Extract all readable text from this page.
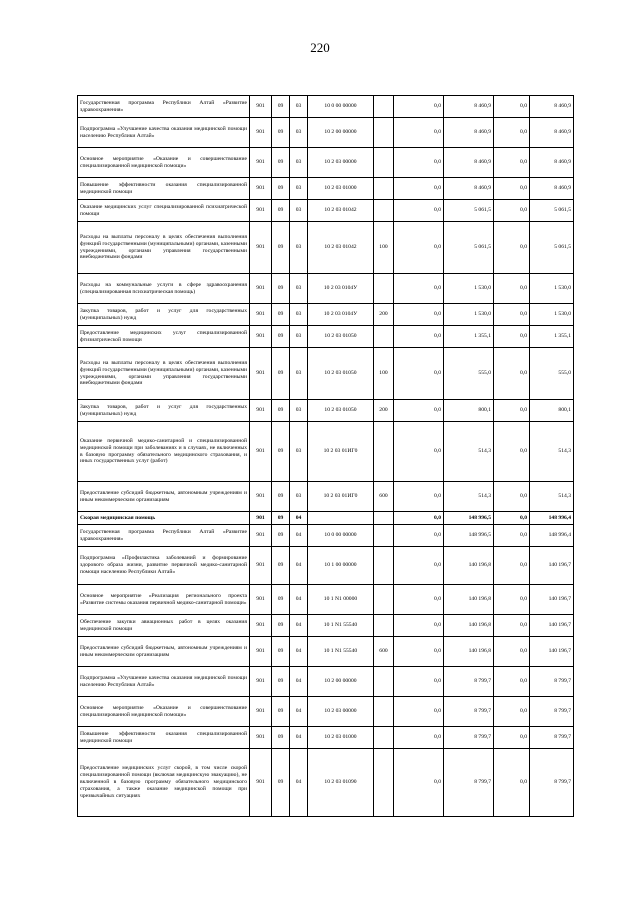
220
Государственная программа Республики Алтай «Развитие здравоохранения»	901	09	03	10 0 00 00000		0,0	8 460,9	0,0	8 460,9
Подпрограмма «Улучшение качества оказания медицинской помощи населению Республики Алтай»	901	09	03	10 2 00 00000		0,0	8 460,9	0,0	8 460,9
Основное мероприятие «Оказание и совершенствование специализированной медицинской помощи»	901	09	03	10 2 03 00000		0,0	8 460,9	0,0	8 460,9
Повышение эффективности оказания специализированной медицинской помощи	901	09	03	10 2 03 01000		0,0	8 460,9	0,0	8 460,9
Оказание медицинских услуг специализированной психиатрической помощи	901	09	03	10 2 03 01042		0,0	5 061,5	0,0	5 061,5
Расходы на выплаты персоналу в целях обеспечения выполнения функций государственными (муниципальными) органами, казенными учреждениями, органами управления государственными внебюджетными фондами	901	09	03	10 2 03 01042	100	0,0	5 061,5	0,0	5 061,5
Расходы на коммунальные услуги в сфере здравоохранения (специализированная психиатрическая помощь)	901	09	03	10 2 03 0104У		0,0	1 530,0	0,0	1 530,0
Закупка товаров, работ и услуг для государственных (муниципальных) нужд	901	09	03	10 2 03 0104У	200	0,0	1 530,0	0,0	1 530,0
Предоставление медицинских услуг специализированной фтизиатрической помощи	901	09	03	10 2 03 01050		0,0	1 355,1	0,0	1 355,1
Расходы на выплаты персоналу в целях обеспечения выполнения функций государственными (муниципальными) органами, казенными учреждениями, органами управления государственными внебюджетными фондами	901	09	03	10 2 03 01050	100	0,0	555,0	0,0	555,0
Закупка товаров, работ и услуг для государственных (муниципальных) нужд	901	09	03	10 2 03 01050	200	0,0	800,1	0,0	800,1
Оказание первичной медико-санитарной и специализированной медицинской помощи при заболеваниях и в случаях, не включенных в базовую программу обязательного медицинского страхования, и иных государственных услуг (работ)	901	09	03	10 2 03 01ИГ0		0,0	514,3	0,0	514,3
Предоставление субсидий бюджетным, автономным учреждениям и иным некоммерческим организациям	901	09	03	10 2 03 01ИГ0	600	0,0	514,3	0,0	514,3
Скорая медицинская помощь	901	09	04			0,0	148 996,5	0,0	148 996,4
Государственная программа Республики Алтай «Развитие здравоохранения»	901	09	04	10 0 00 00000		0,0	148 996,5	0,0	148 996,4
Подпрограмма «Профилактика заболеваний и формирование здорового образа жизни, развитие первичной медико-санитарной помощи населению Республики Алтай»	901	09	04	10 1 00 00000		0,0	140 196,8	0,0	140 196,7
Основное мероприятие «Реализация регионального проекта «Развитие системы оказания первичной медико-санитарной помощи»	901	09	04	10 1 N1 00000		0,0	140 196,8	0,0	140 196,7
Обеспечение закупки авиационных работ в целях оказания медицинской помощи	901	09	04	10 1 N1 55540		0,0	140 196,8	0,0	140 196,7
Предоставление субсидий бюджетным, автономным учреждениям и иным некоммерческим организациям	901	09	04	10 1 N1 55540	600	0,0	140 196,8	0,0	140 196,7
Подпрограмма «Улучшение качества оказания медицинской помощи населению Республики Алтай»	901	09	04	10 2 00 00000		0,0	8 799,7	0,0	8 799,7
Основное мероприятие «Оказание и совершенствование специализированной медицинской помощи»	901	09	04	10 2 03 00000		0,0	8 799,7	0,0	8 799,7
Повышение эффективности оказания специализированной медицинской помощи	901	09	04	10 2 03 01000		0,0	8 799,7	0,0	8 799,7
Предоставление медицинских услуг скорой, в том числе скорой специализированной помощи (включая медицинскую эвакуацию), не включенной в базовую программу обязательного медицинского страхования, а также оказание медицинской помощи при чрезвычайных ситуациях	901	09	04	10 2 03 01090		0,0	8 799,7	0,0	8 799,7
